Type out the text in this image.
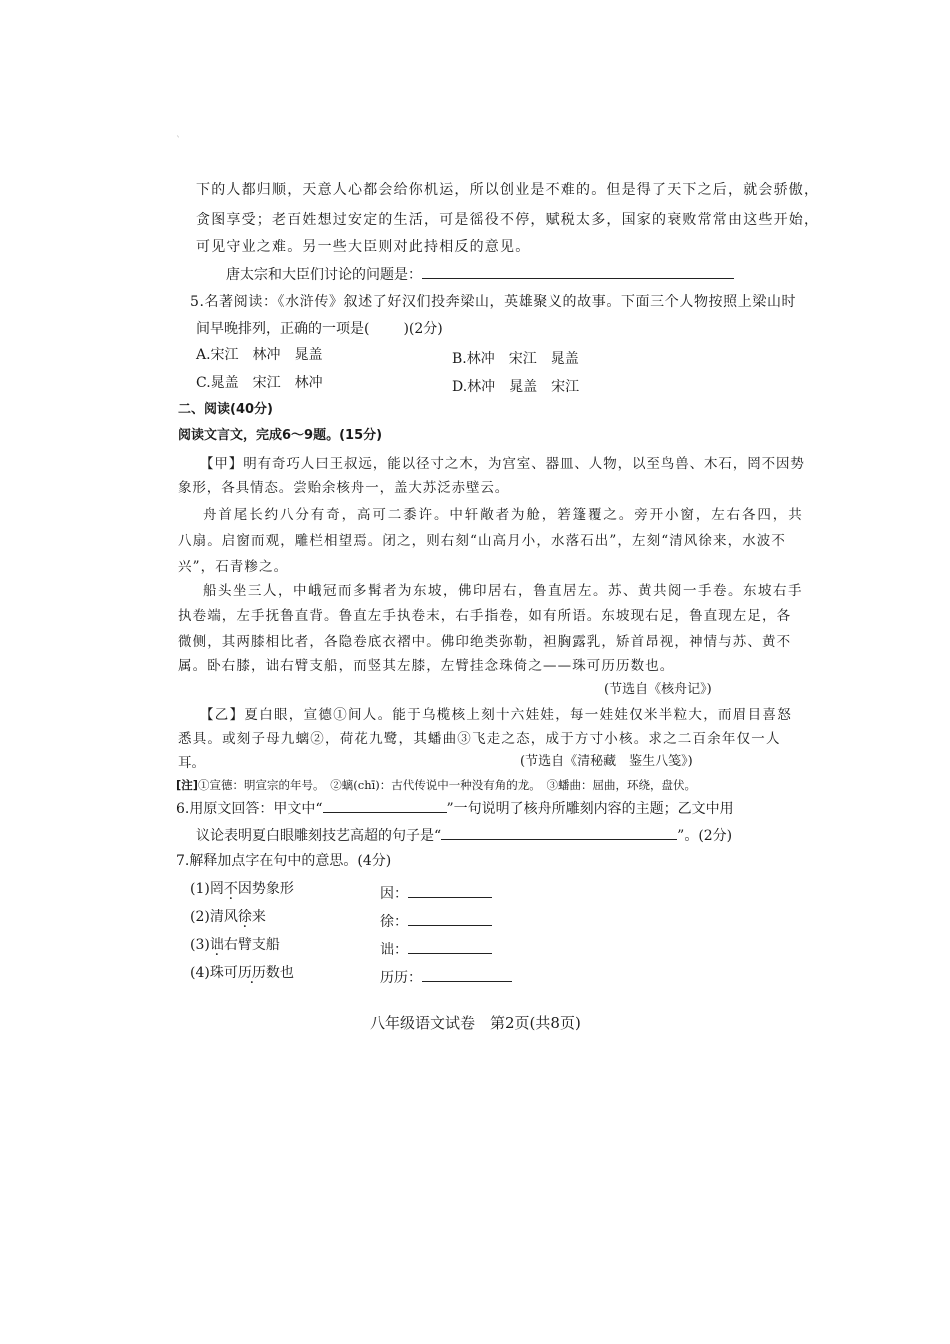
ˋ
下的人都归顺，天意人心都会给你机运，所以创业是不难的。但是得了天下之后，就会骄傲，
贪图享受；老百姓想过安定的生活，可是徭役不停，赋税太多，国家的衰败常常由这些开始，
可见守业之难。另一些大臣则对此持相反的意见。
唐太宗和大臣们讨论的问题是：
5.名著阅读：《水浒传》叙述了好汉们投奔梁山，英雄聚义的故事。下面三个人物按照上梁山时
间早晚排列，正确的一项是( )(2分)
A.宋江　林冲　晁盖	B.林冲　宋江　晁盖
C.晁盖　宋江　林冲	D.林冲　晁盖　宋江
二、阅读(40分)
阅读文言文，完成6～9题。(15分)
【甲】明有奇巧人曰王叔远，能以径寸之木，为宫室、器皿、人物，以至鸟兽、木石，罔不因势
象形，各具情态。尝贻余核舟一，盖大苏泛赤壁云。
舟首尾长约八分有奇，高可二黍许。中轩敞者为舱，箬篷覆之。旁开小窗，左右各四，共
八扇。启窗而观，雕栏相望焉。闭之，则右刻“山高月小，水落石出”，左刻“清风徐来，水波不
兴”，石青糁之。
船头坐三人，中峨冠而多髯者为东坡，佛印居右，鲁直居左。苏、黄共阅一手卷。东坡右手
执卷端，左手抚鲁直背。鲁直左手执卷末，右手指卷，如有所语。东坡现右足，鲁直现左足，各
微侧，其两膝相比者，各隐卷底衣褶中。佛印绝类弥勒，袒胸露乳，矫首昂视，神情与苏、黄不
属。卧右膝，诎右臂支船，而竖其左膝，左臂挂念珠倚之——珠可历历数也。
(节选自《核舟记》)
【乙】夏白眼，宣德①间人。能于乌榄核上刻十六娃娃，每一娃娃仅米半粒大，而眉目喜怒
悉具。或刻子母九螭②，荷花九鹭，其蟠曲③飞走之态，成于方寸小核。求之二百余年仅一人
耳。	(节选自《清秘藏　鉴生八笺》)
[注]①宣德：明宣宗的年号。　②螭(chī)：古代传说中一种没有角的龙。　③蟠曲：屈曲，环绕，盘伏。
6.用原文回答：甲文中“	”一句说明了核舟所雕刻内容的主题；乙文中用
议论表明夏白眼雕刻技艺高超的句子是“	”。(2分)
7.解释加点字在句中的意思。(4分)
(1)罔不因势象形	因：
(2)清风徐来	徐：
(3)诎右臂支船	诎：
(4)珠可历历数也	历历：
八年级语文试卷　第2页(共8页)
